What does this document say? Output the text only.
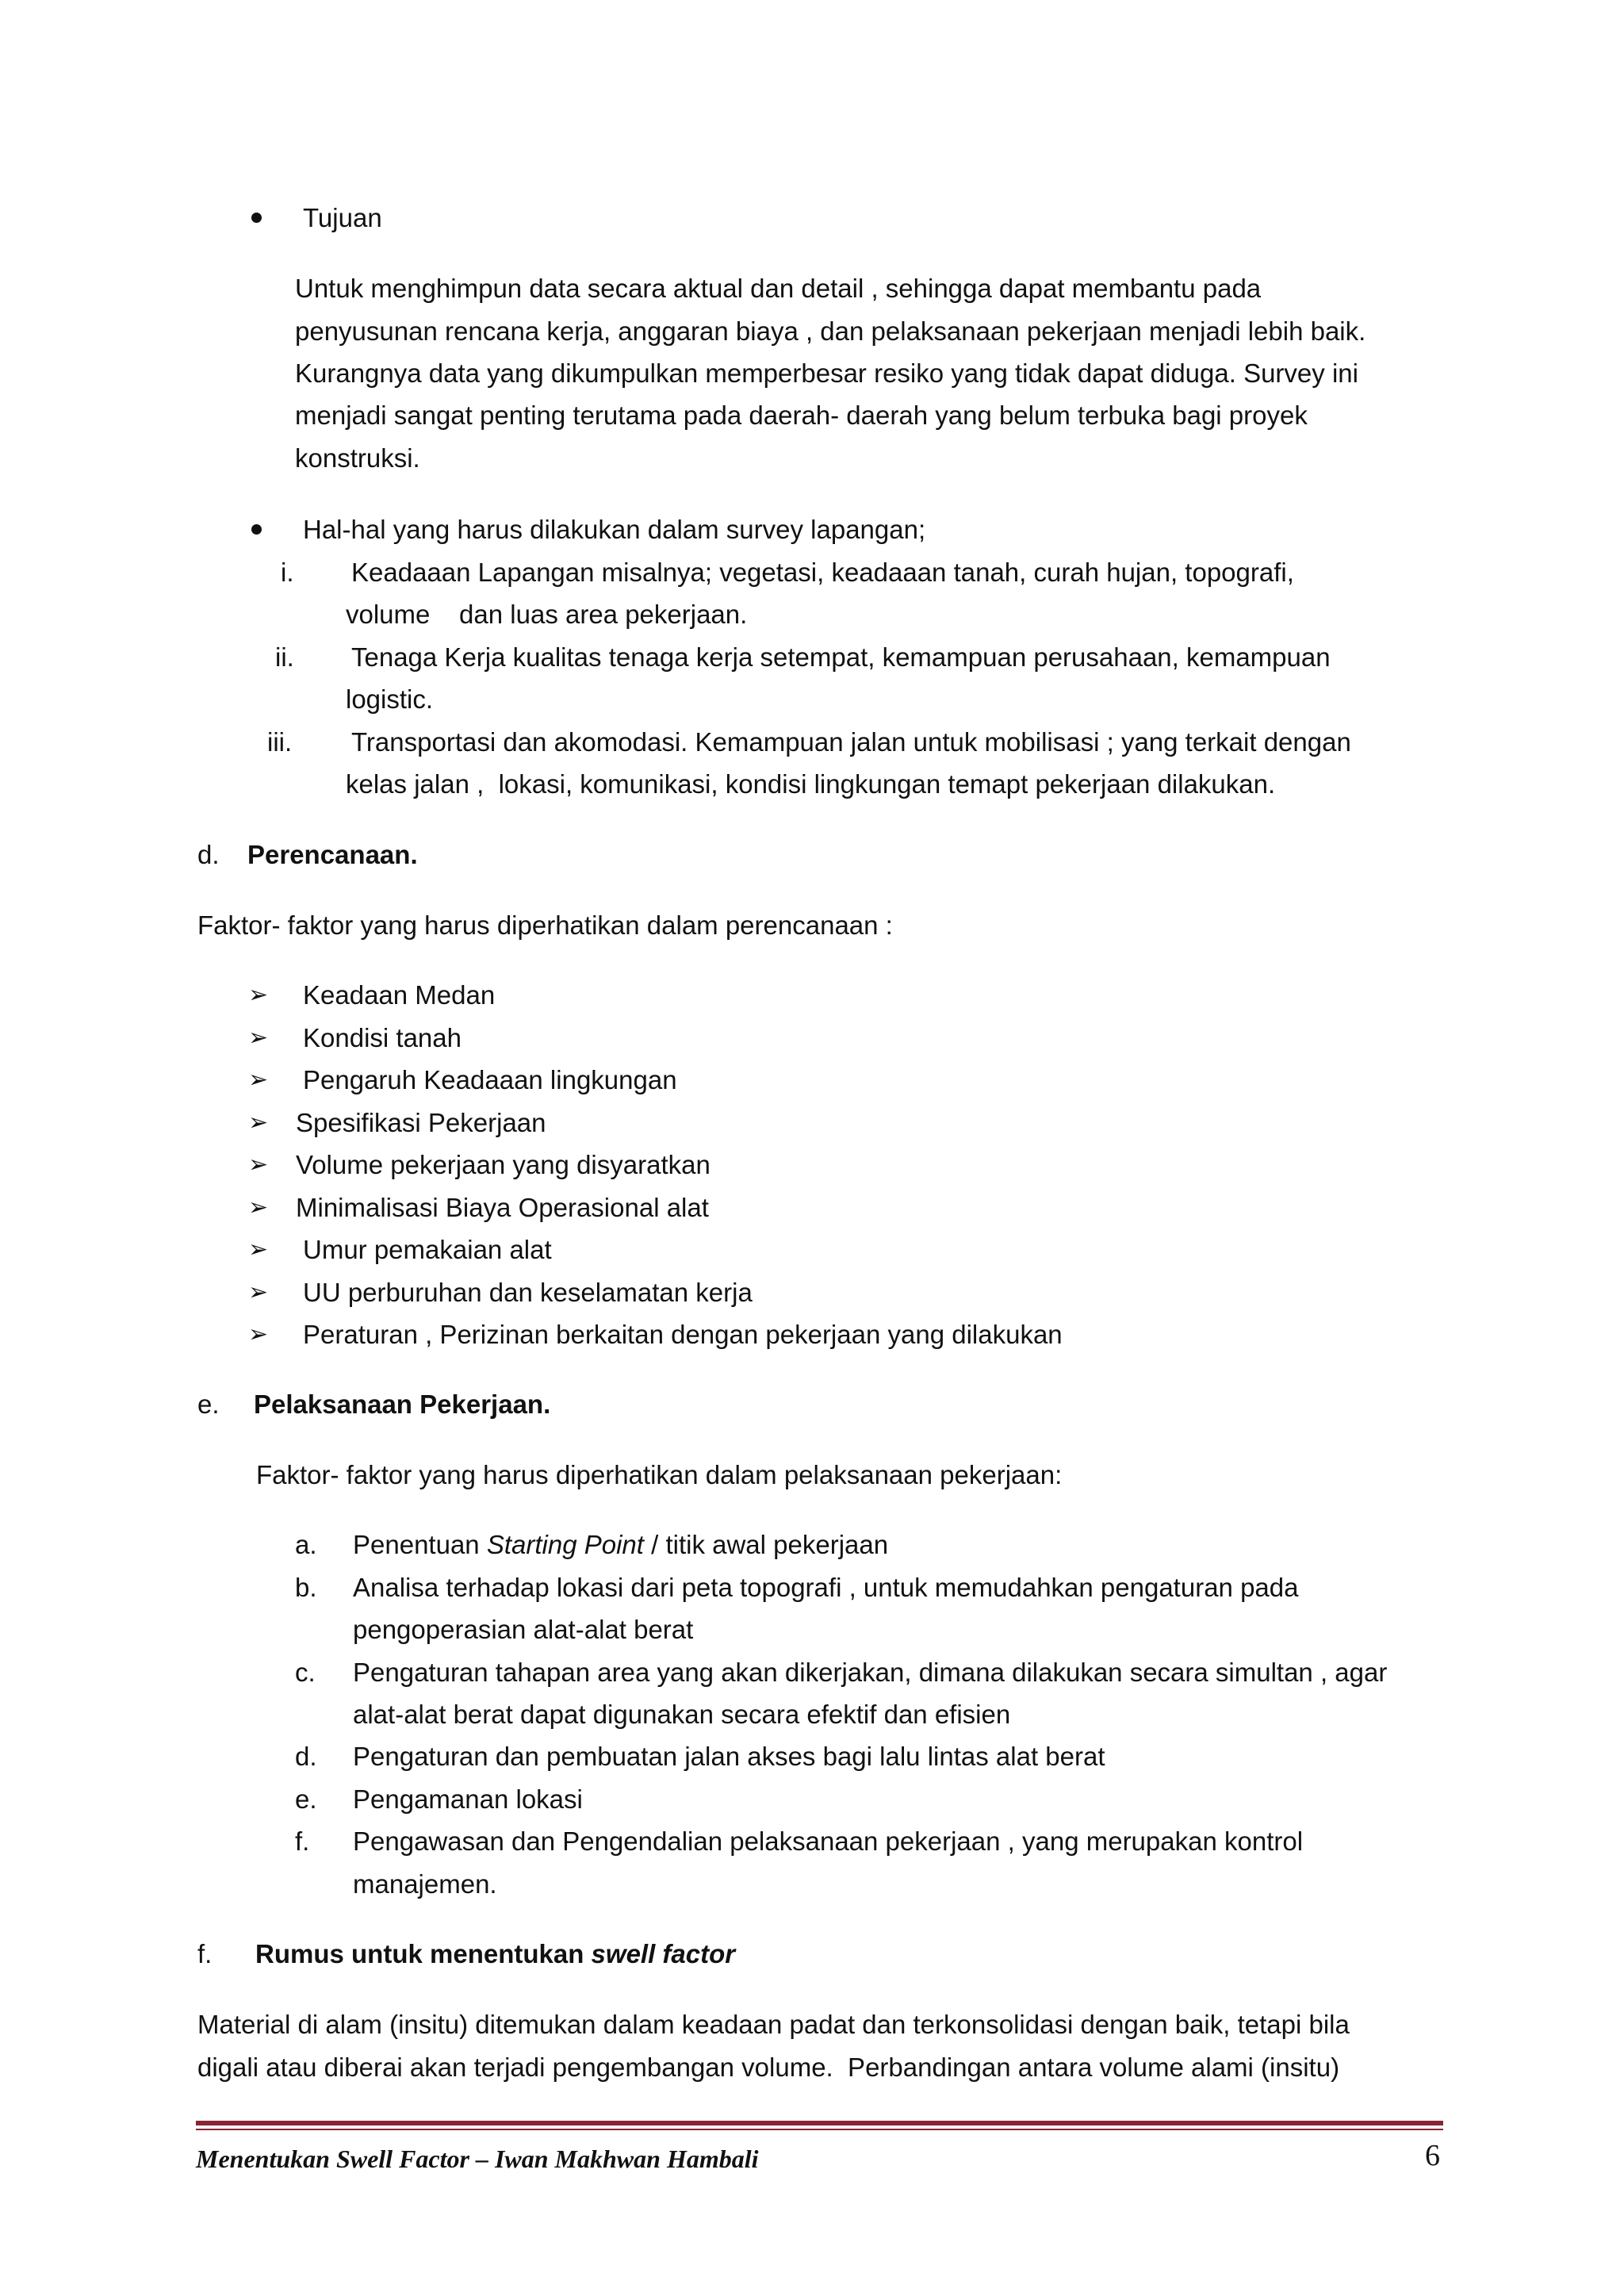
Tujuan
Untuk menghimpun data secara aktual dan detail , sehingga dapat membantu pada
penyusunan rencana kerja, anggaran biaya , dan pelaksanaan pekerjaan menjadi lebih baik.
Kurangnya data yang dikumpulkan memperbesar resiko yang tidak dapat diduga. Survey ini
menjadi sangat penting terutama pada daerah- daerah yang belum terbuka bagi proyek
konstruksi.
Hal-hal yang harus dilakukan dalam survey lapangan;
i. Keadaaan Lapangan misalnya; vegetasi, keadaaan tanah, curah hujan, topografi,
volume    dan luas area pekerjaan.
ii. Tenaga Kerja kualitas tenaga kerja setempat, kemampuan perusahaan, kemampuan
logistic.
iii. Transportasi dan akomodasi. Kemampuan jalan untuk mobilisasi ; yang terkait dengan
kelas jalan ,  lokasi, komunikasi, kondisi lingkungan temapt pekerjaan dilakukan.
d. Perencanaan.
Faktor- faktor yang harus diperhatikan dalam perencanaan :
➢ Keadaan Medan
➢ Kondisi tanah
➢ Pengaruh Keadaaan lingkungan
➢ Spesifikasi Pekerjaan
➢ Volume pekerjaan yang disyaratkan
➢ Minimalisasi Biaya Operasional alat
➢ Umur pemakaian alat
➢ UU perburuhan dan keselamatan kerja
➢ Peraturan , Perizinan berkaitan dengan pekerjaan yang dilakukan
e. Pelaksanaan Pekerjaan.
Faktor- faktor yang harus diperhatikan dalam pelaksanaan pekerjaan:
a. Penentuan Starting Point / titik awal pekerjaan
b. Analisa terhadap lokasi dari peta topografi , untuk memudahkan pengaturan pada
pengoperasian alat-alat berat
c. Pengaturan tahapan area yang akan dikerjakan, dimana dilakukan secara simultan , agar
alat-alat berat dapat digunakan secara efektif dan efisien
d. Pengaturan dan pembuatan jalan akses bagi lalu lintas alat berat
e. Pengamanan lokasi
f. Pengawasan dan Pengendalian pelaksanaan pekerjaan , yang merupakan kontrol
manajemen.
f. Rumus untuk menentukan swell factor
Material di alam (insitu) ditemukan dalam keadaan padat dan terkonsolidasi dengan baik, tetapi bila
digali atau diberai akan terjadi pengembangan volume.  Perbandingan antara volume alami (insitu)
Menentukan Swell Factor – Iwan Makhwan Hambali	6
